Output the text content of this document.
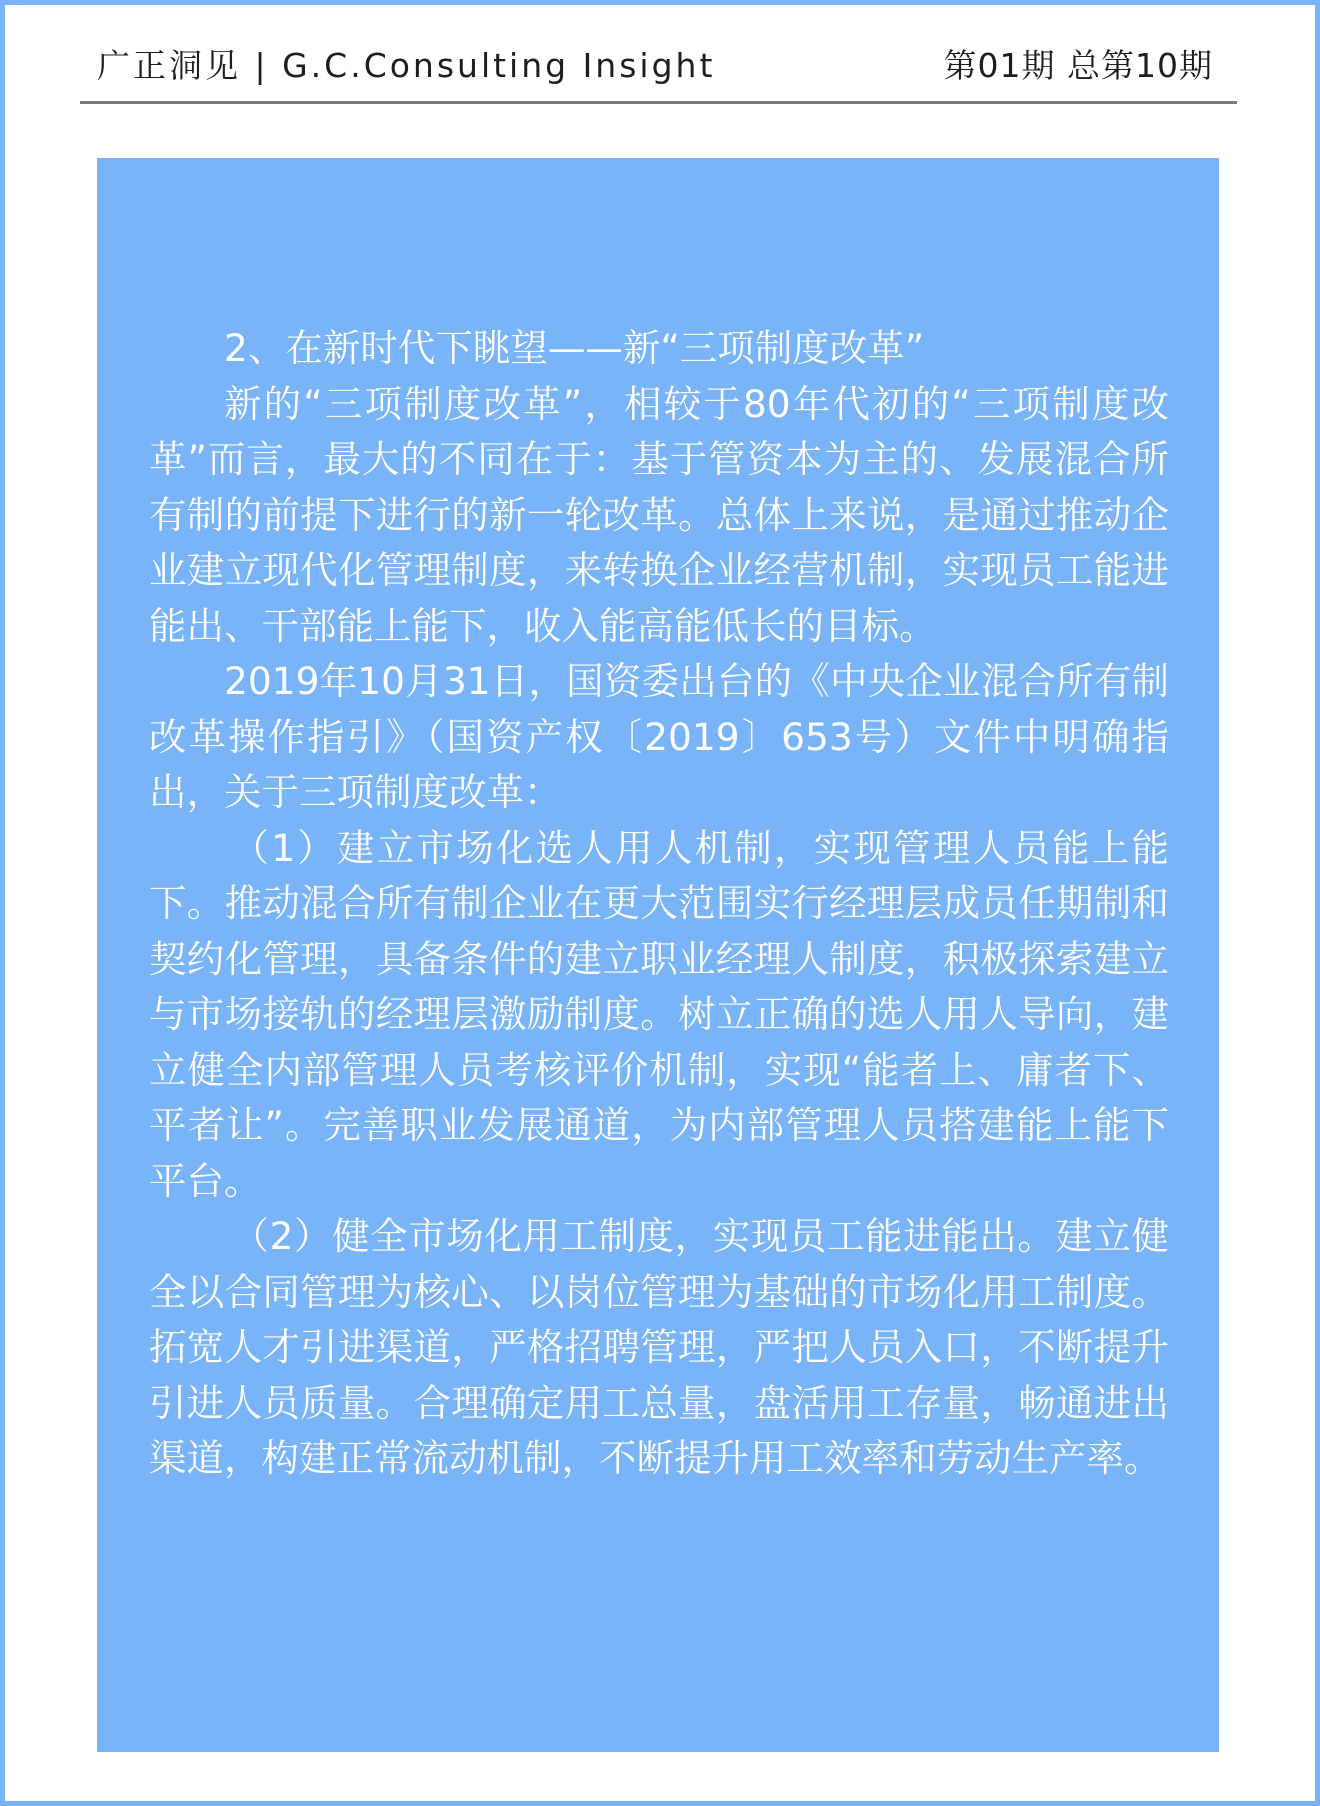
广正洞见 | G.C.Consulting Insight	第01期 总第10期

2、在新时代下眺望——新“三项制度改革”

新的“三项制度改革”，相较于80年代初的“三项制度改革”而言，最大的不同在于：基于管资本为主的、发展混合所有制的前提下进行的新一轮改革。总体上来说，是通过推动企业建立现代化管理制度，来转换企业经营机制，实现员工能进能出、干部能上能下，收入能高能低长的目标。

2019年10月31日，国资委出台的《中央企业混合所有制改革操作指引》（国资产权〔2019〕653号）文件中明确指出，关于三项制度改革：

（1）建立市场化选人用人机制，实现管理人员能上能下。推动混合所有制企业在更大范围实行经理层成员任期制和契约化管理，具备条件的建立职业经理人制度，积极探索建立与市场接轨的经理层激励制度。树立正确的选人用人导向，建立健全内部管理人员考核评价机制，实现“能者上、庸者下、平者让”。完善职业发展通道，为内部管理人员搭建能上能下平台。

（2）健全市场化用工制度，实现员工能进能出。建立健全以合同管理为核心、以岗位管理为基础的市场化用工制度。拓宽人才引进渠道，严格招聘管理，严把人员入口，不断提升引进人员质量。合理确定用工总量，盘活用工存量，畅通进出渠道，构建正常流动机制，不断提升用工效率和劳动生产率。
